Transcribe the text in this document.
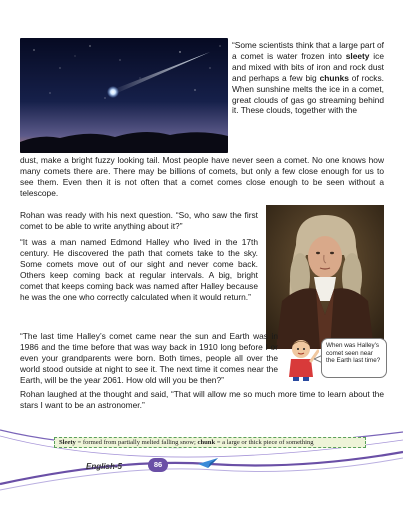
“Some scientists think that a large part of a comet is water frozen into sleety ice and mixed with bits of iron and rock dust and perhaps a few big chunks of rocks. When sunshine melts the ice in a comet, great clouds of gas go streaming behind it. These clouds, together with the

dust, make a bright fuzzy looking tail. Most people have never seen a comet. No one knows how many comets there are. There may be billions of comets, but only a few close enough for us to see them. Even then it is not often that a comet comes close enough to be seen without a telescope.

Rohan was ready with his next question. “So, who saw the first comet to be able to write anything about it?”

“It was a man named Edmond Halley who lived in the 17th century. He discovered the path that comets take to the sky. Some comets move out of our sight and never come back. Others keep coming back at regular intervals. A big, bright comet that keeps coming back was named after Halley because he was the one who correctly calculated when it would return.”

“The last time Halley’s comet came near the sun and Earth was in 1986 and the time before that was way back in 1910 long before I or even your grandparents were born. Both times, people all over the world stood outside at night to see it. The next time it comes near the Earth, will be the year 2061. How old will you be then?”

When was Halley’s comet seen near the Earth last time?

Rohan laughed at the thought and said, “That will allow me so much more time to learn about the stars I want to be an astronomer.”

Sleety = formed from partially melted falling snow; chunk = a large or thick piece of something
English-5	86
